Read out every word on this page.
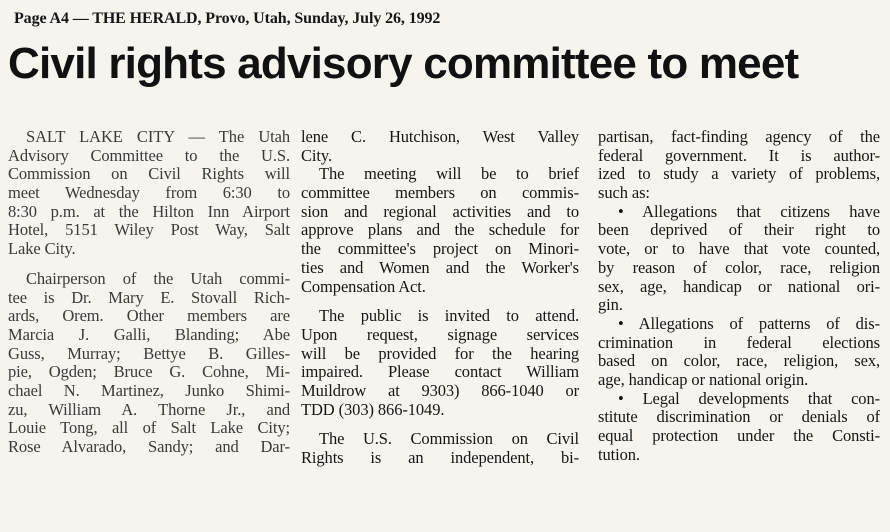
Page A4 — THE HERALD, Provo, Utah, Sunday, July 26, 1992
Civil rights advisory committee to meet
SALT LAKE CITY — The Utah
Advisory Committee to the U.S.
Commission on Civil Rights will
meet Wednesday from 6:30 to
8:30 p.m. at the Hilton Inn Airport
Hotel, 5151 Wiley Post Way, Salt
Lake City.
Chairperson of the Utah commi-
tee is Dr. Mary E. Stovall Rich-
ards, Orem. Other members are
Marcia J. Galli, Blanding; Abe
Guss, Murray; Bettye B. Gilles-
pie, Ogden; Bruce G. Cohne, Mi-
chael N. Martinez, Junko Shimi-
zu, William A. Thorne Jr., and
Louie Tong, all of Salt Lake City;
Rose Alvarado, Sandy; and Dar-
lene C. Hutchison, West Valley
City.
The meeting will be to brief
committee members on commis-
sion and regional activities and to
approve plans and the schedule for
the committee's project on Minori-
ties and Women and the Worker's
Compensation Act.
The public is invited to attend.
Upon request, signage services
will be provided for the hearing
impaired. Please contact William
Muildrow at 9303) 866-1040 or
TDD (303) 866-1049.
The U.S. Commission on Civil
Rights is an independent, bi-
partisan, fact-finding agency of the
federal government. It is author-
ized to study a variety of problems,
such as:
• Allegations that citizens have
been deprived of their right to
vote, or to have that vote counted,
by reason of color, race, religion
sex, age, handicap or national ori-
gin.
• Allegations of patterns of dis-
crimination in federal elections
based on color, race, religion, sex,
age, handicap or national origin.
• Legal developments that con-
stitute discrimination or denials of
equal protection under the Consti-
tution.
